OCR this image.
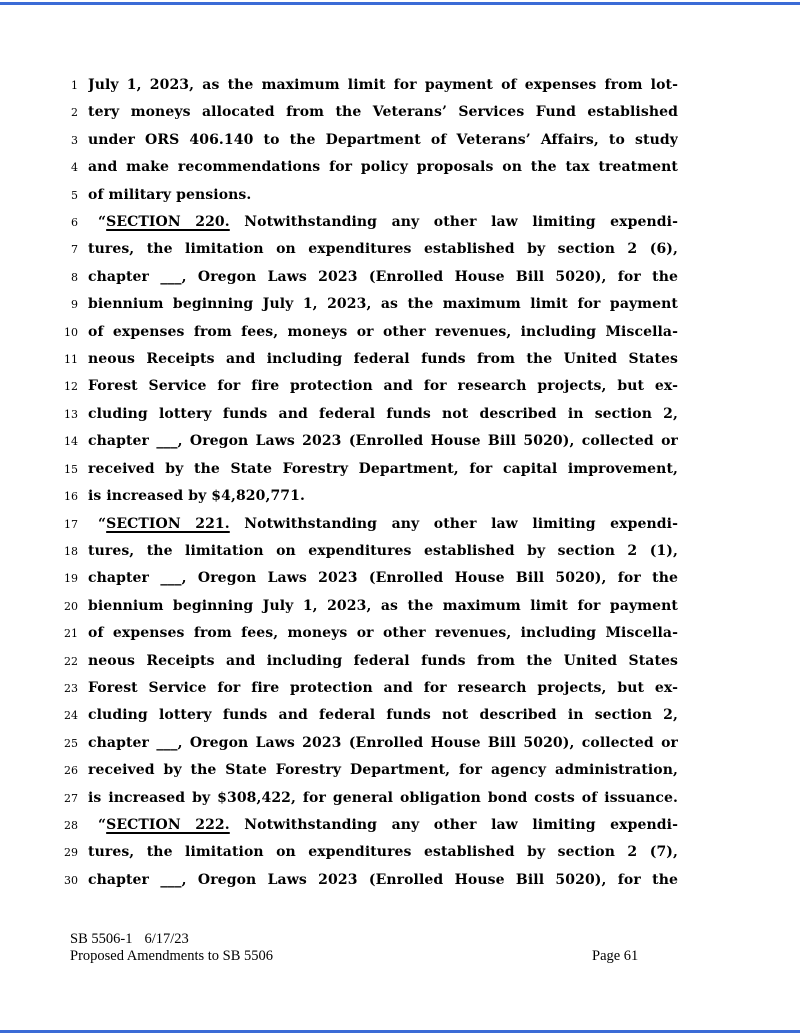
1 July 1, 2023, as the maximum limit for payment of expenses from lot-
2 tery moneys allocated from the Veterans’ Services Fund established
3 under ORS 406.140 to the Department of Veterans’ Affairs, to study
4 and make recommendations for policy proposals on the tax treatment
5 of military pensions.
6	“SECTION 220. Notwithstanding any other law limiting expendi-
7 tures, the limitation on expenditures established by section 2 (6),
8 chapter ___, Oregon Laws 2023 (Enrolled House Bill 5020), for the
9 biennium beginning July 1, 2023, as the maximum limit for payment
10 of expenses from fees, moneys or other revenues, including Miscella-
11 neous Receipts and including federal funds from the United States
12 Forest Service for fire protection and for research projects, but ex-
13 cluding lottery funds and federal funds not described in section 2,
14 chapter ___, Oregon Laws 2023 (Enrolled House Bill 5020), collected or
15 received by the State Forestry Department, for capital improvement,
16 is increased by $4,820,771.
17	“SECTION 221. Notwithstanding any other law limiting expendi-
18 tures, the limitation on expenditures established by section 2 (1),
19 chapter ___, Oregon Laws 2023 (Enrolled House Bill 5020), for the
20 biennium beginning July 1, 2023, as the maximum limit for payment
21 of expenses from fees, moneys or other revenues, including Miscella-
22 neous Receipts and including federal funds from the United States
23 Forest Service for fire protection and for research projects, but ex-
24 cluding lottery funds and federal funds not described in section 2,
25 chapter ___, Oregon Laws 2023 (Enrolled House Bill 5020), collected or
26 received by the State Forestry Department, for agency administration,
27 is increased by $308,422, for general obligation bond costs of issuance.
28	“SECTION 222. Notwithstanding any other law limiting expendi-
29 tures, the limitation on expenditures established by section 2 (7),
30 chapter ___, Oregon Laws 2023 (Enrolled House Bill 5020), for the
SB 5506-1 6/17/23
Proposed Amendments to SB 5506	Page 61
